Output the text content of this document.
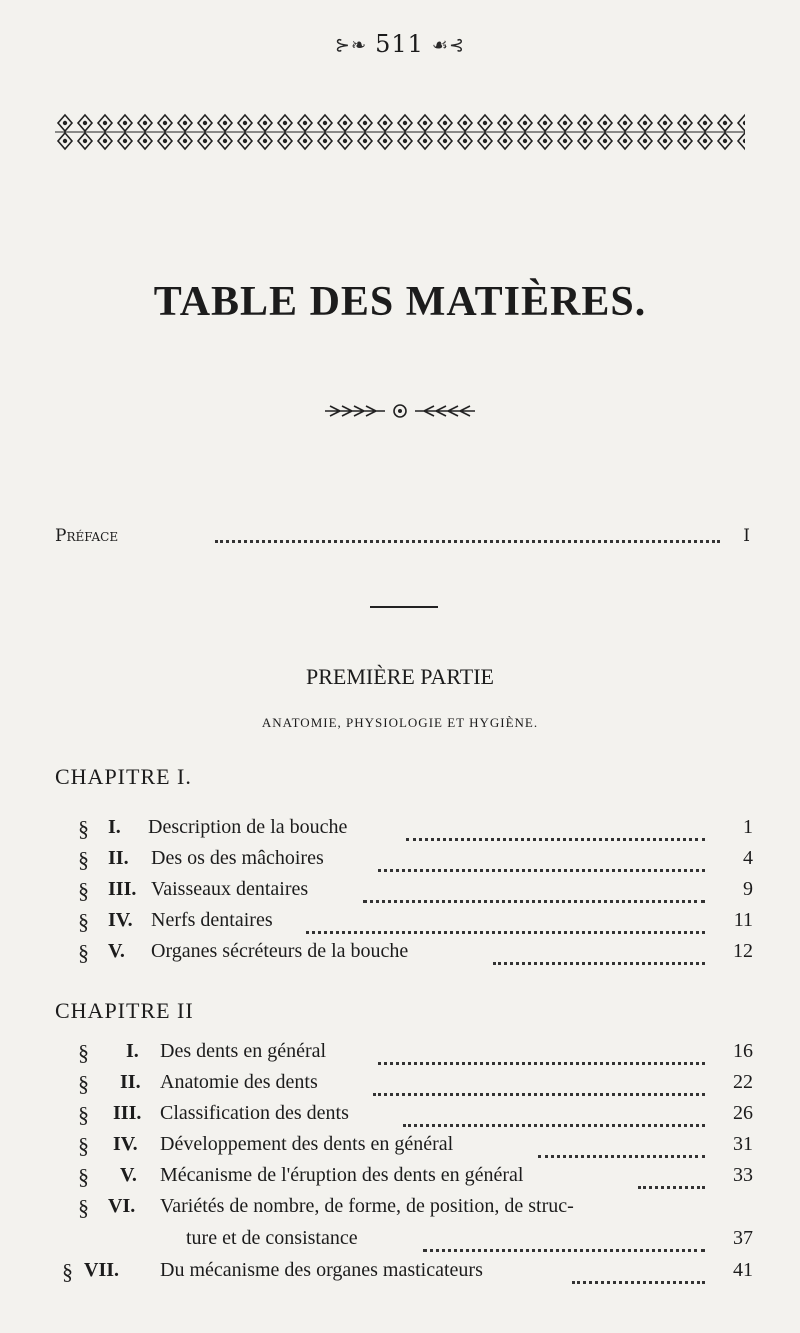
⊱❧ 511 ☙⊰
TABLE DES MATIÈRES.
Préface	I
PREMIÈRE PARTIE
ANATOMIE, PHYSIOLOGIE ET HYGIÈNE.
CHAPITRE I.
§ I. Description de la bouche	1
§ II. Des os des mâchoires	4
§ III. Vaisseaux dentaires	9
§ IV. Nerfs dentaires	11
§ V. Organes sécréteurs de la bouche	12
CHAPITRE II
§	I. Des dents en général	16
§	II. Anatomie des dents	22
§	III. Classification des dents	26
§	IV. Développement des dents en général	31
§	V. Mécanisme de l'éruption des dents en général	33
§ VI. Variétés de nombre, de forme, de position, de struc-
ture et de consistance	37
§ VII. Du mécanisme des organes masticateurs	41
